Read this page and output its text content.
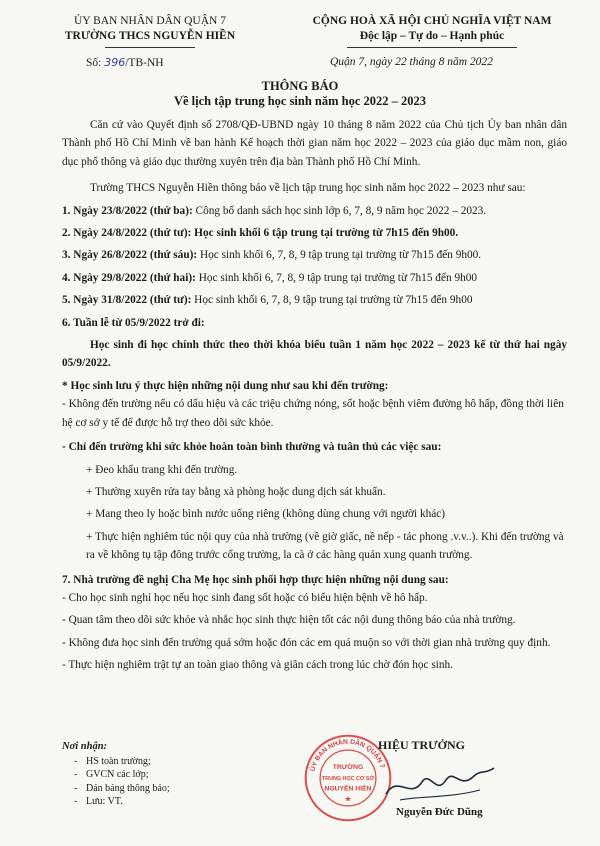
ỦY BAN NHÂN DÂN QUẬN 7
TRƯỜNG THCS NGUYỄN HIỀN
CỘNG HOÀ XÃ HỘI CHỦ NGHĨA VIỆT NAM
Độc lập – Tự do – Hạnh phúc
Số: 396/TB-NH	Quận 7, ngày 22 tháng 8 năm 2022
THÔNG BÁO
Về lịch tập trung học sinh năm học 2022 – 2023

Căn cứ vào Quyết định số 2708/QĐ-UBND ngày 10 tháng 8 năm 2022 của Chủ tịch Ủy ban nhân dân Thành phố Hồ Chí Minh về ban hành Kế hoạch thời gian năm học 2022 – 2023 của giáo dục mầm non, giáo dục phổ thông và giáo dục thường xuyên trên địa bàn Thành phố Hồ Chí Minh.

Trường THCS Nguyễn Hiền thông báo về lịch tập trung học sinh năm học 2022 – 2023 như sau:

1. Ngày 23/8/2022 (thứ ba): Công bố danh sách học sinh lớp 6, 7, 8, 9 năm học 2022 – 2023.

2. Ngày 24/8/2022 (thứ tư): Học sinh khối 6 tập trung tại trường từ 7h15 đến 9h00.

3. Ngày 26/8/2022 (thứ sáu): Học sinh khối 6, 7, 8, 9 tập trung tại trường từ 7h15 đến 9h00.

4. Ngày 29/8/2022 (thứ hai): Học sinh khối 6, 7, 8, 9 tập trung tại trường từ 7h15 đến 9h00

5. Ngày 31/8/2022 (thứ tư): Học sinh khối 6, 7, 8, 9 tập trung tại trường từ 7h15 đến 9h00

6. Tuần lễ từ 05/9/2022 trở đi:

Học sinh đi học chính thức theo thời khóa biểu tuần 1 năm học 2022 – 2023 kể từ thứ hai ngày 05/9/2022.

* Học sinh lưu ý thực hiện những nội dung như sau khi đến trường:

- Không đến trường nếu có dấu hiệu và các triệu chứng nóng, sốt hoặc bệnh viêm đường hô hấp, đồng thời liên hệ cơ sở y tế để được hỗ trợ theo dõi sức khỏe.

- Chỉ đến trường khi sức khỏe hoàn toàn bình thường và tuân thủ các việc sau:

+ Đeo khẩu trang khi đến trường.

+ Thường xuyên rửa tay bằng xà phòng hoặc dung dịch sát khuẩn.

+ Mang theo ly hoặc bình nước uống riêng (không dùng chung với người khác)

+ Thực hiện nghiêm túc nội quy của nhà trường (về giờ giấc, nề nếp - tác phong .v.v..). Khi đến trường và ra về không tụ tập đông trước cổng trường, la cà ở các hàng quán xung quanh trường.

7. Nhà trường đề nghị Cha Mẹ học sinh phối hợp thực hiện những nội dung sau:

- Cho học sinh nghỉ học nếu học sinh đang sốt hoặc có biểu hiện bệnh về hô hấp.

- Quan tâm theo dõi sức khỏe và nhắc học sinh thực hiện tốt các nội dung thông báo của nhà trường.

- Không đưa học sinh đến trường quá sớm hoặc đón các em quá muộn so với thời gian nhà trường quy định.

- Thực hiện nghiêm trật tự an toàn giao thông và giãn cách trong lúc chờ đón học sinh.

Nơi nhận:
- HS toàn trường;
- GVCN các lớp;
- Dán bảng thông báo;
- Lưu: VT.
ỦY BAN NHÂN DÂN QUẬN 7
TRƯỜNG
TRUNG HỌC CƠ SỞ
NGUYỄN HIỀN
★
HIỆU TRƯỞNG
Nguyễn Đức Dũng
